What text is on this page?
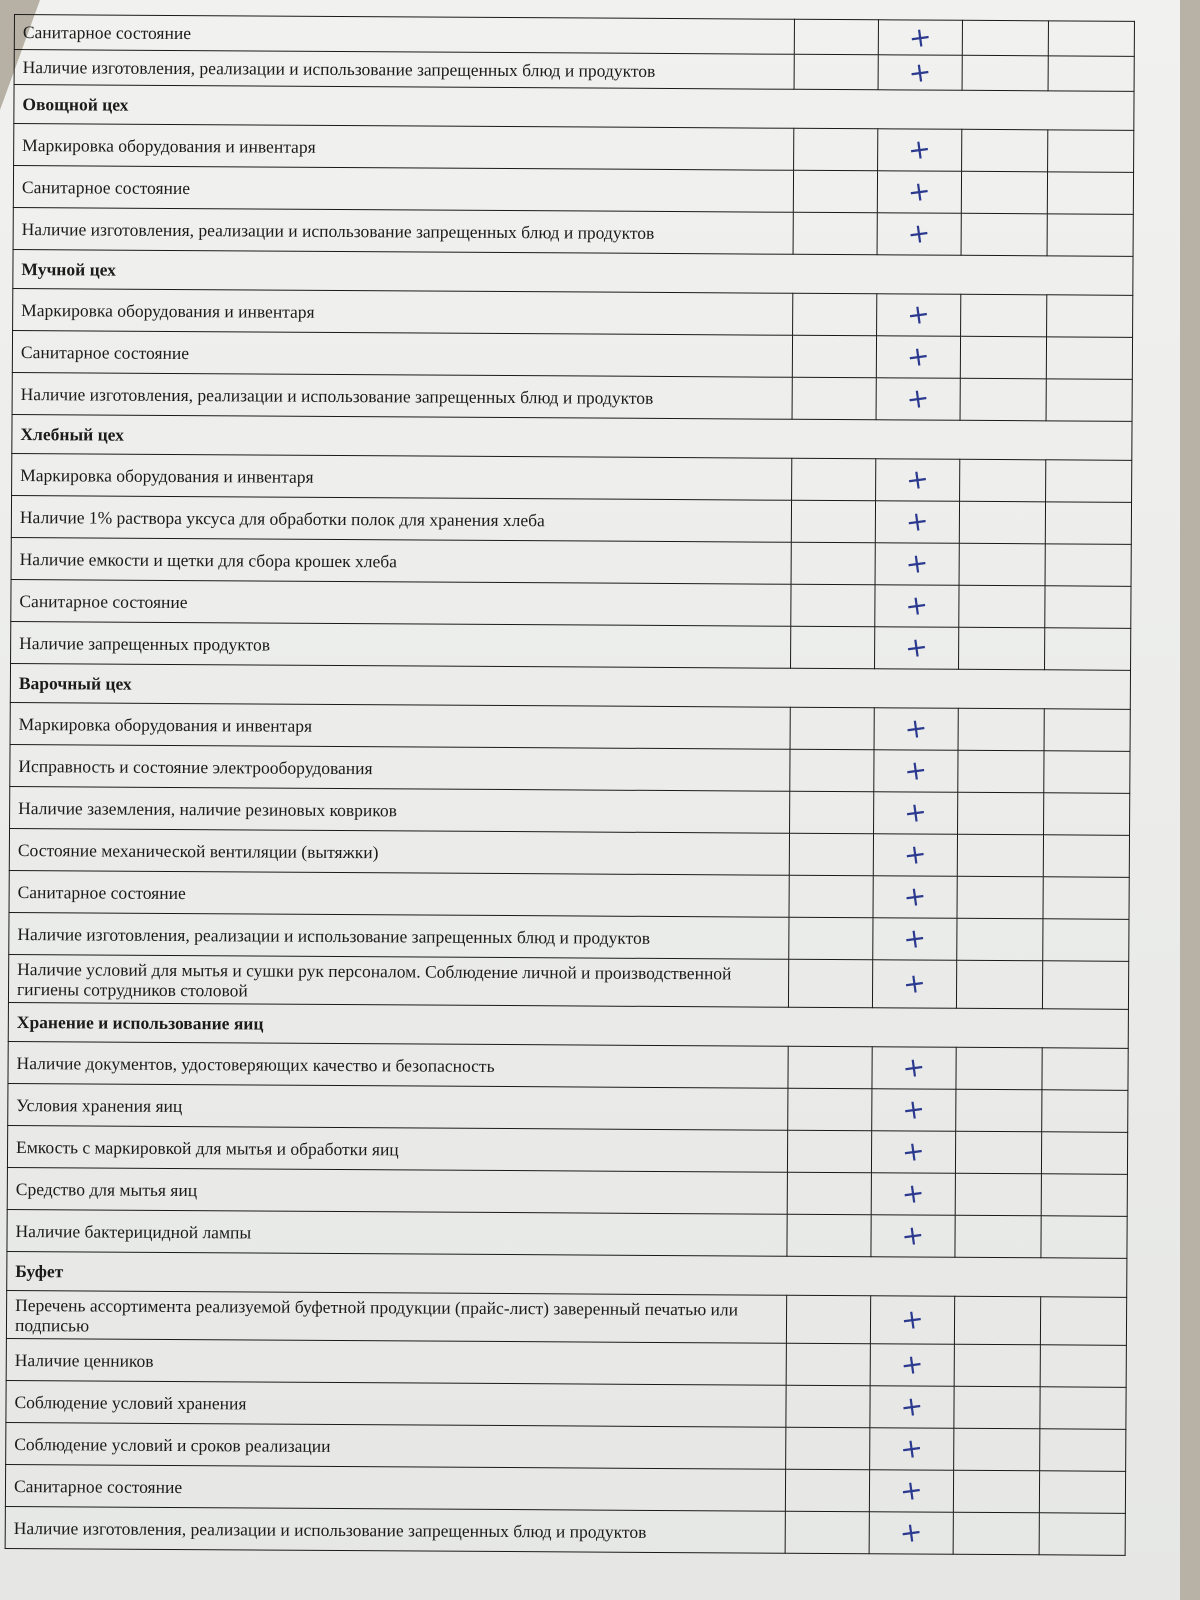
Санитарное состояние		+		
Наличие изготовления, реализации и использование запрещенных блюд и продуктов		+		
Овощной цех				
Маркировка оборудования и инвентаря		+		
Санитарное состояние		+		
Наличие изготовления, реализации и использование запрещенных блюд и продуктов		+		
Мучной цех				
Маркировка оборудования и инвентаря		+		
Санитарное состояние		+		
Наличие изготовления, реализации и использование запрещенных блюд и продуктов		+		
Хлебный цех				
Маркировка оборудования и инвентаря		+		
Наличие 1% раствора уксуса для обработки полок для хранения хлеба		+		
Наличие емкости и щетки для сбора крошек хлеба		+		
Санитарное состояние		+		
Наличие запрещенных продуктов		+		
Варочный цех				
Маркировка оборудования и инвентаря		+		
Исправность и состояние электрооборудования		+		
Наличие заземления, наличие резиновых ковриков		+		
Состояние механической вентиляции (вытяжки)		+		
Санитарное состояние		+		
Наличие изготовления, реализации и использование запрещенных блюд и продуктов		+		
Наличие условий для мытья и сушки рук персоналом. Соблюдение личной и производственной гигиены сотрудников столовой		+		
Хранение и использование яиц				
Наличие документов, удостоверяющих качество и безопасность		+		
Условия хранения яиц		+		
Емкость с маркировкой для мытья и обработки яиц		+		
Средство для мытья яиц		+		
Наличие бактерицидной лампы		+		
Буфет				
Перечень ассортимента реализуемой буфетной продукции (прайс-лист) заверенный печатью или подписью		+		
Наличие ценников		+		
Соблюдение условий хранения		+		
Соблюдение условий и сроков реализации		+		
Санитарное состояние		+		
Наличие изготовления, реализации и использование запрещенных блюд и продуктов		+		
